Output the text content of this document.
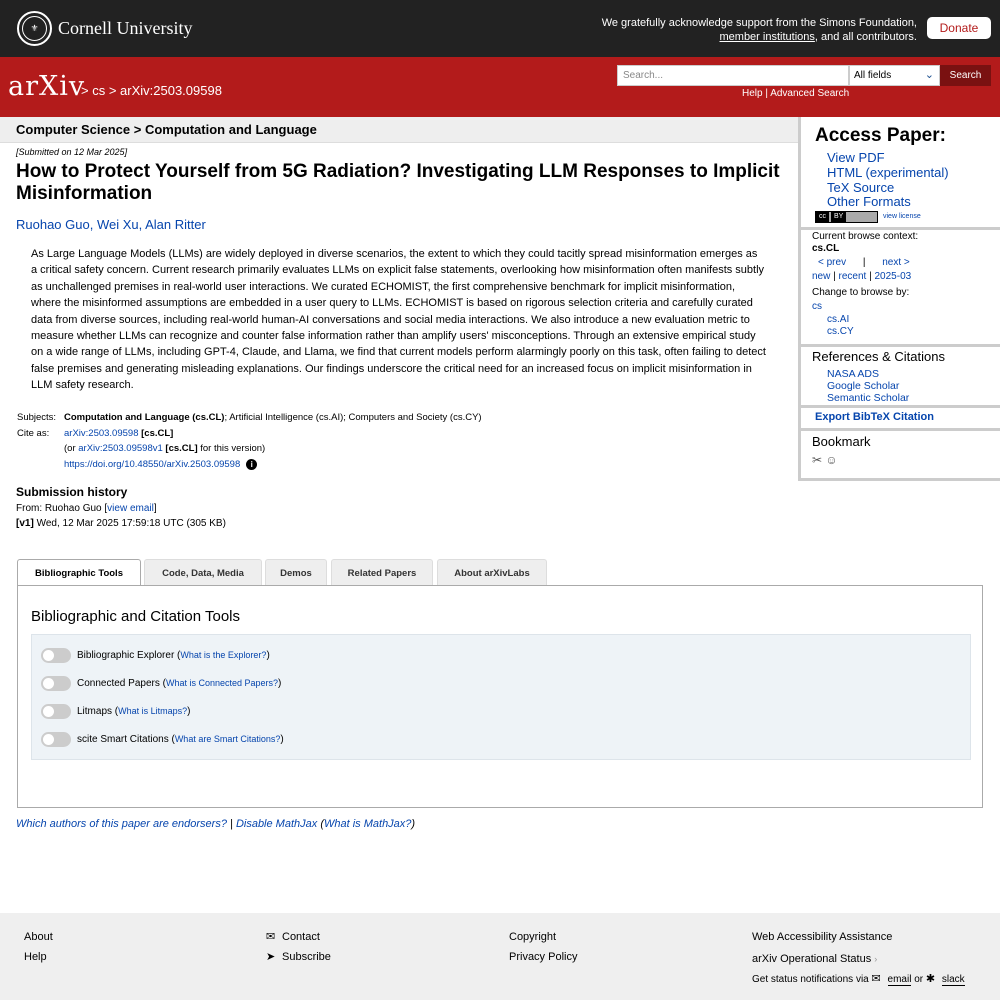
⚜	Cornell University	We gratefully acknowledge support from the Simons Foundation,
member institutions, and all contributors.
Donate
arXiv
> cs > arXiv:2503.09598
Search...	All fields	⌄	Search
Help | Advanced Search
Computer Science > Computation and Language
[Submitted on 12 Mar 2025]
How to Protect Yourself from 5G Radiation? Investigating LLM Responses to Implicit Misinformation
Ruohao Guo, Wei Xu, Alan Ritter
As Large Language Models (LLMs) are widely deployed in diverse scenarios, the extent to which they could tacitly spread misinformation emerges as a critical safety concern. Current research primarily evaluates LLMs on explicit false statements, overlooking how misinformation often manifests subtly as unchallenged premises in real-world user interactions. We curated ECHOMIST, the first comprehensive benchmark for implicit misinformation, where the misinformed assumptions are embedded in a user query to LLMs. ECHOMIST is based on rigorous selection criteria and carefully curated data from diverse sources, including real-world human-AI conversations and social media interactions. We also introduce a new evaluation metric to measure whether LLMs can recognize and counter false information rather than amplify users' misconceptions. Through an extensive empirical study on a wide range of LLMs, including GPT-4, Claude, and Llama, we find that current models perform alarmingly poorly on this task, often failing to detect false premises and generating misleading explanations. Our findings underscore the critical need for an increased focus on implicit misinformation in LLM safety research.
Subjects: Computation and Language (cs.CL); Artificial Intelligence (cs.AI); Computers and Society (cs.CY)
Cite as: arXiv:2503.09598 [cs.CL]
(or arXiv:2503.09598v1 [cs.CL] for this version)
https://doi.org/10.48550/arXiv.2503.09598 i
Submission history
From: Ruohao Guo [view email]
[v1] Wed, 12 Mar 2025 17:59:18 UTC (305 KB)
Bibliographic Tools	Code, Data, Media	Demos	Related Papers	About arXivLabs
Bibliographic and Citation Tools
Bibliographic Explorer ( What is the Explorer? )
Connected Papers ( What is Connected Papers? )
Litmaps ( What is Litmaps? )
scite Smart Citations ( What are Smart Citations? )
Which authors of this paper are endorsers? | Disable MathJax (What is MathJax?)
Access Paper:
View PDF
HTML (experimental)
TeX Source
Other Formats
cc
	BY	view license
Current browse context:
cs.CL
< prev | next >
new | recent | 2025-03
Change to browse by:
cs
cs.AI
cs.CY
References & Citations
NASA ADS
Google Scholar
Semantic Scholar
Export BibTeX Citation
Bookmark
✂ ☺
About
Help
✉ Contact
➤ Subscribe
Copyright
Privacy Policy
Web Accessibility Assistance
arXiv Operational Status ›
Get status notifications via ✉ email or ✱ slack
